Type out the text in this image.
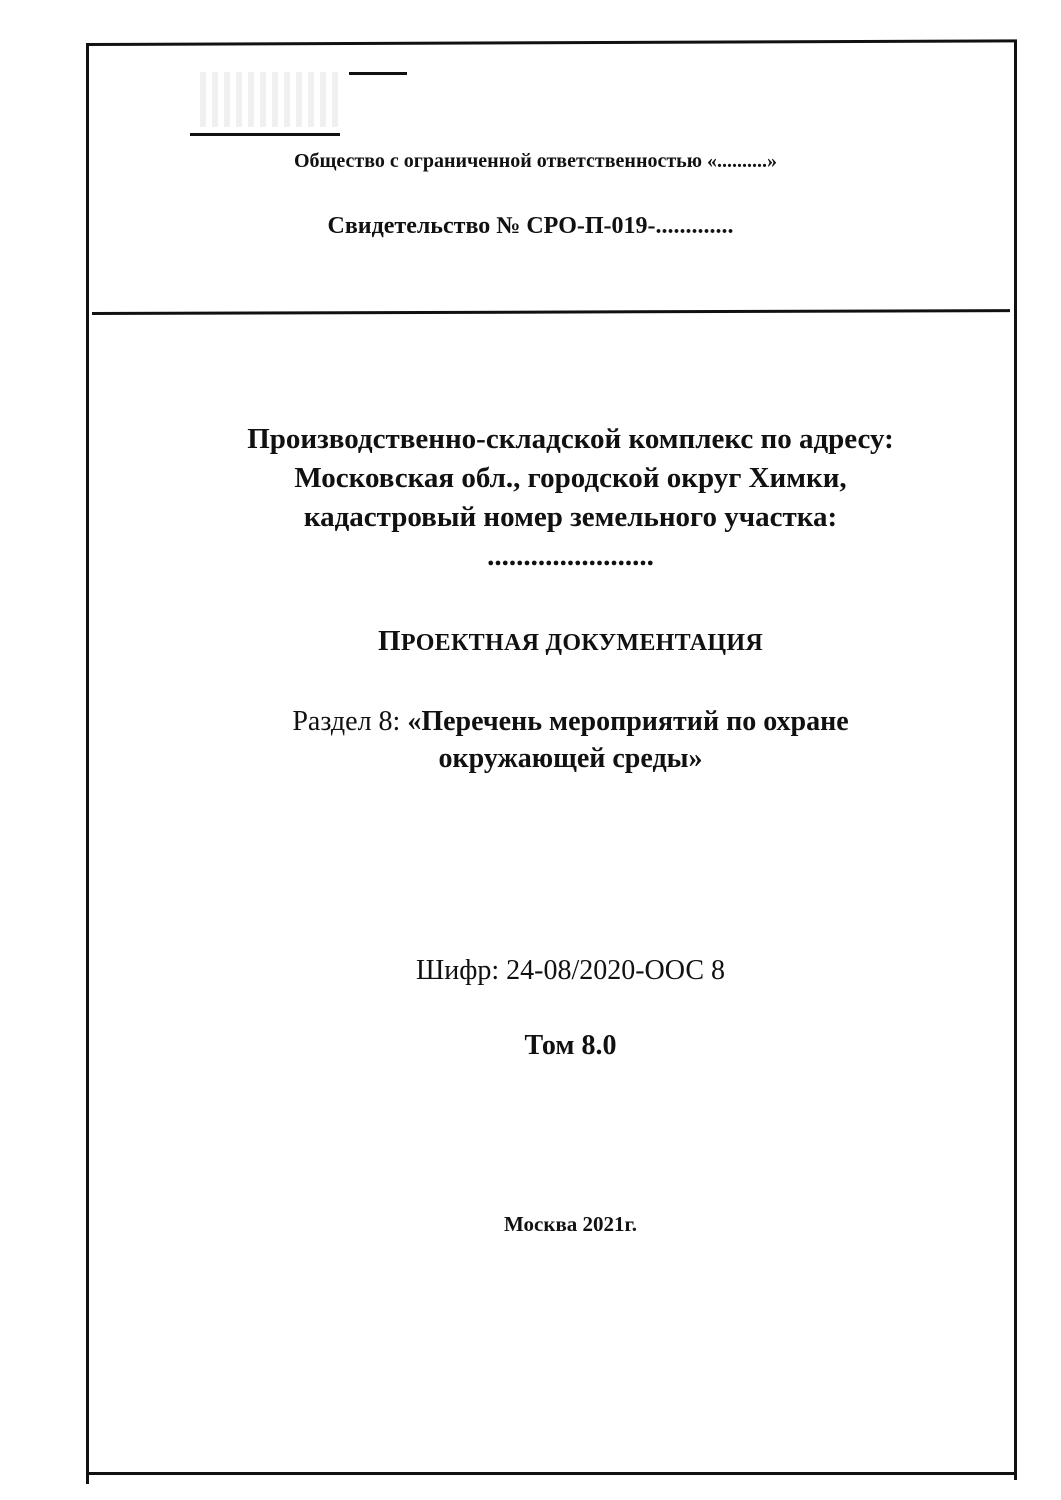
Общество с ограниченной ответственностью «..........»
Свидетельство № СРО-П-019-.............
Производственно-складской комплекс по адресу:
Московская обл., городской округ Химки,
кадастровый номер земельного участка:
.......................
ПРОЕКТНАЯ ДОКУМЕНТАЦИЯ
Раздел 8: «Перечень мероприятий по охране
окружающей среды»
Шифр: 24-08/2020-ООС 8
Том 8.0
Москва 2021г.
